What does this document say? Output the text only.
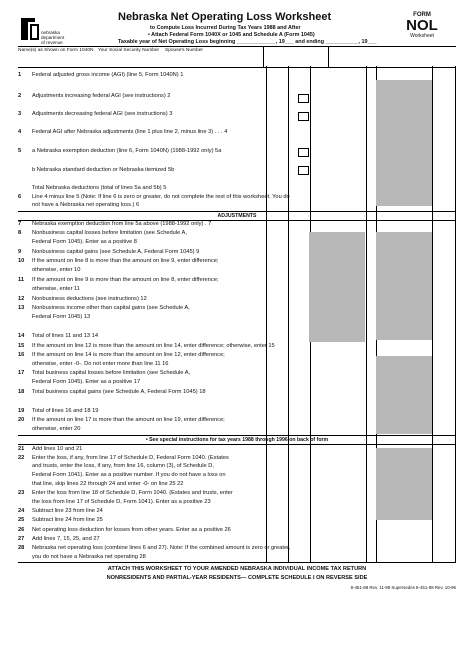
nebraska
department
of revenue
Nebraska Net Operating Loss Worksheet
to Compute Loss Incurred During Tax Years 1988 and After
• Attach Federal Form 1040X or 1045 and Schedule A (Form 1045)
Taxable year of Net Operating Loss beginning _____________, 19___ and ending ___________, 19___
FORM
NOL
Worksheet
Name(s) as Shown on Form 1040N Your Social Security Number Spouse's Number
1 Federal adjusted gross income (AGI) (line 5, Form 1040N) 1
2 Adjustments increasing federal AGI (see instructions) 2
3 Adjustments decreasing federal AGI (see instructions) 3
4 Federal AGI after Nebraska adjustments (line 1 plus line 2, minus line 3) . . . 4
5 a Nebraska exemption deduction (line 6, Form 1040N) (1988-1992 only) 5a
b Nebraska standard deduction or Nebraska itemized 5b
Total Nebraska deductions (total of lines 5a and 5b) 5
6 Line 4 minus line 5 (Note: If line 6 is zero or greater, do not complete the rest of this worksheet. You do
not have a Nebraska net operating loss.) 6
ADJUSTMENTS
7 Nebraska exemption deduction from line 5a above (1988-1992 only) . 7
8 Nonbusiness capital losses before limitation (see Schedule A,
Federal Form 1045). Enter as a positive 8
9 Nonbusiness capital gains (see Schedule A, Federal Form 1045) 9
10 If the amount on line 8 is more than the amount on line 9, enter difference;
otherwise, enter 10
11 If the amount on line 9 is more than the amount on line 8, enter difference;
otherwise, enter 11
12 Nonbusiness deductions (see instructions) 12
13 Nonbusiness income other than capital gains (see Schedule A,
Federal Form 1045) 13
14 Total of lines 11 and 13 14
15 If the amount on line 12 is more than the amount on line 14, enter difference; otherwise, enter 15
16 If the amount on line 14 is more than the amount on line 12, enter difference;
otherwise, enter -0-. Do not enter more than line 11 16
17 Total business capital losses before limitation (see Schedule A,
Federal Form 1045). Enter as a positive 17
18 Total business capital gains (see Schedule A, Federal Form 1045) 18
19 Total of lines 16 and 18 19
20 If the amount on line 17 is more than the amount on line 19, enter difference;
otherwise, enter 20
• See special instructions for tax years 1988 through 1996 on back of form
21 Add lines 10 and 21
22 Enter the loss, if any, from line 17 of Schedule D, Federal Form 1040. (Estates
and trusts, enter the loss, if any, from line 16, column (3), of Schedule D,
Federal Form 1041). Enter as a positive number. If you do not have a loss on
that line, skip lines 22 through 24 and enter -0- on line 25 22
23 Enter the loss from line 18 of Schedule D, Form 1040. (Estates and trusts, enter
the loss from line 17 of Schedule D, Form 1041). Enter as a positive 23
24 Subtract line 23 from line 24
25 Subtract line 24 from line 25
26 Net operating loss deduction for losses from other years. Enter as a positive 26
27 Add lines 7, 15, 25, and 27
28 Nebraska net operating loss (combine lines 6 and 27). Note: If the combined amount is zero or greater,
you do not have a Nebraska net operating 28
ATTACH THIS WORKSHEET TO YOUR AMENDED NEBRASKA INDIVIDUAL INCOME TAX RETURN
NONRESIDENTS AND PARTIAL-YEAR RESIDENTS— COMPLETE SCHEDULE I ON REVERSE SIDE
8-451-88 Rev. 11-99 Supersedes 8-451-88 Rev. 10-96
